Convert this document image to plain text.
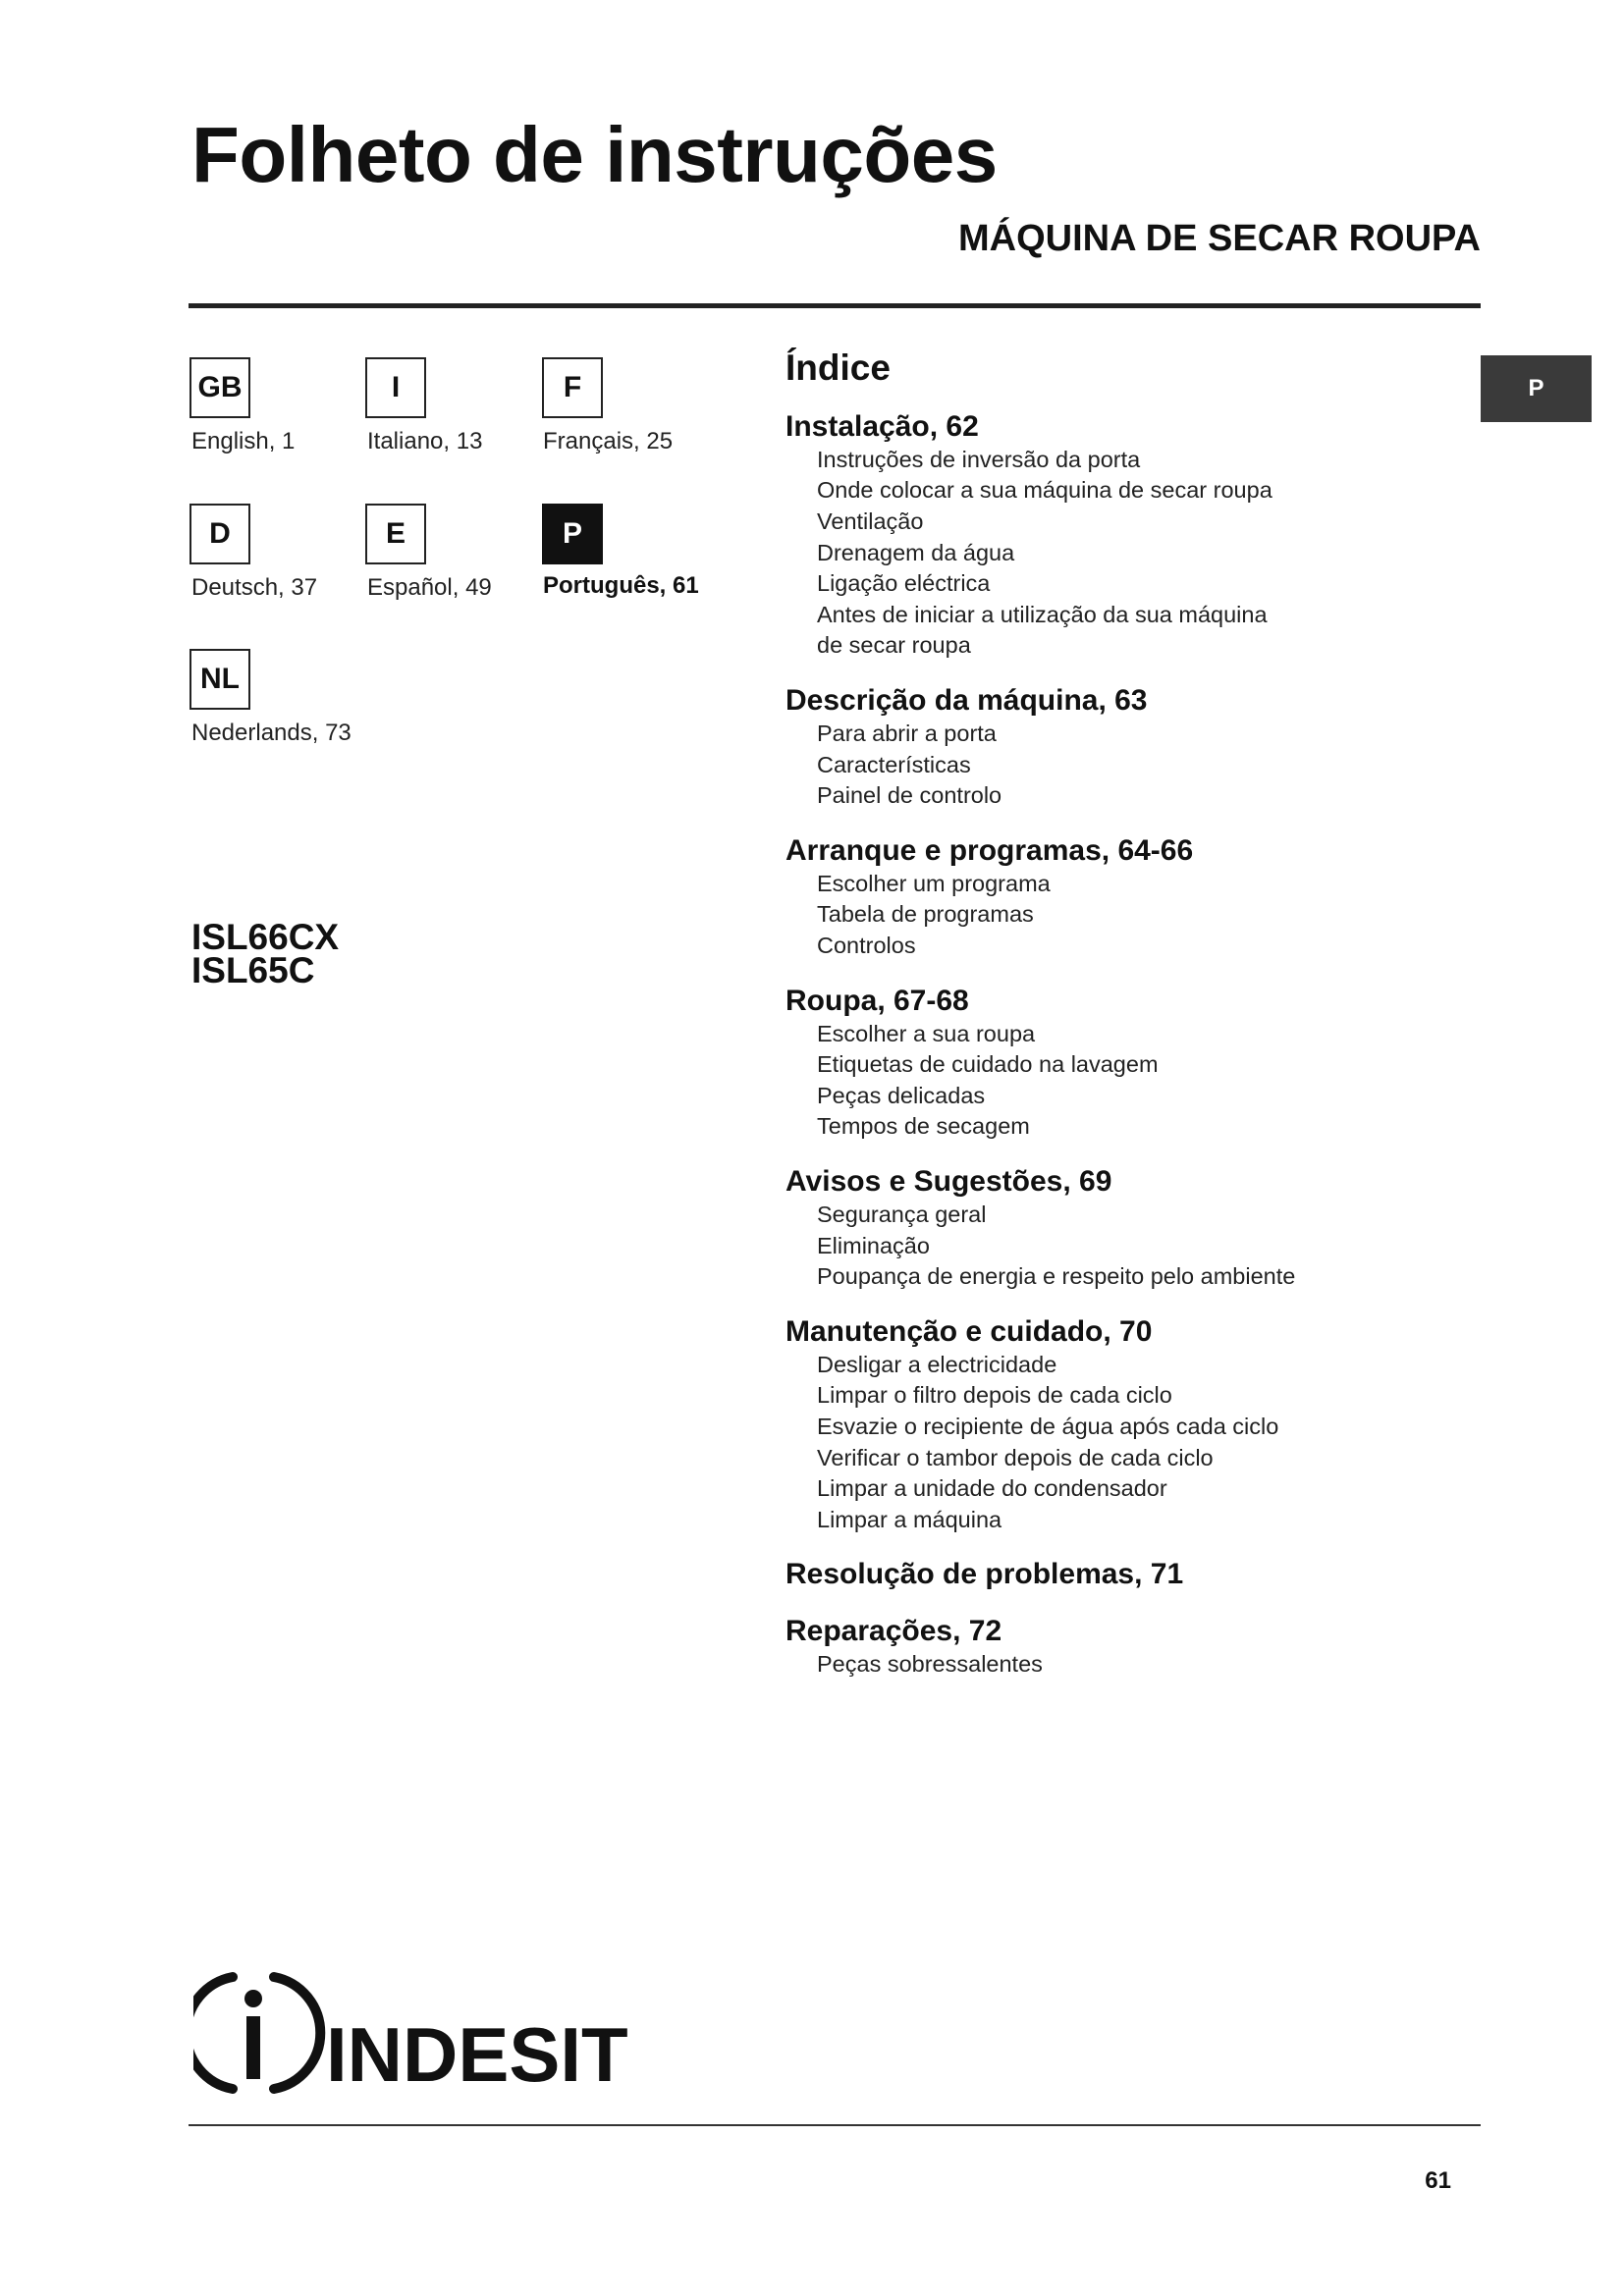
Folheto de instruções
MÁQUINA DE SECAR ROUPA
GB
English, 1
I
Italiano, 13
F
Français, 25
D
Deutsch, 37
E
Español, 49
P
Português, 61
NL
Nederlands, 73
ISL66CX
ISL65C
P
Índice
Instalação, 62
Instruções de inversão da porta
Onde colocar a sua máquina de secar roupa
Ventilação
Drenagem da água
Ligação eléctrica
Antes de iniciar a utilização da sua máquina
de secar roupa
Descrição da máquina, 63
Para abrir a porta
Características
Painel de controlo
Arranque e programas, 64-66
Escolher um programa
Tabela de programas
Controlos
Roupa, 67-68
Escolher a sua roupa
Etiquetas de cuidado na lavagem
Peças delicadas
Tempos de secagem
Avisos e Sugestões, 69
Segurança geral
Eliminação
Poupança de energia e respeito pelo ambiente
Manutenção e cuidado, 70
Desligar a electricidade
Limpar o filtro depois de cada ciclo
Esvazie o recipiente de água após cada ciclo
Verificar o tambor depois de cada ciclo
Limpar a unidade do condensador
Limpar a máquina
Resolução de problemas, 71
Reparações, 72
Peças sobressalentes
INDESIT
61
